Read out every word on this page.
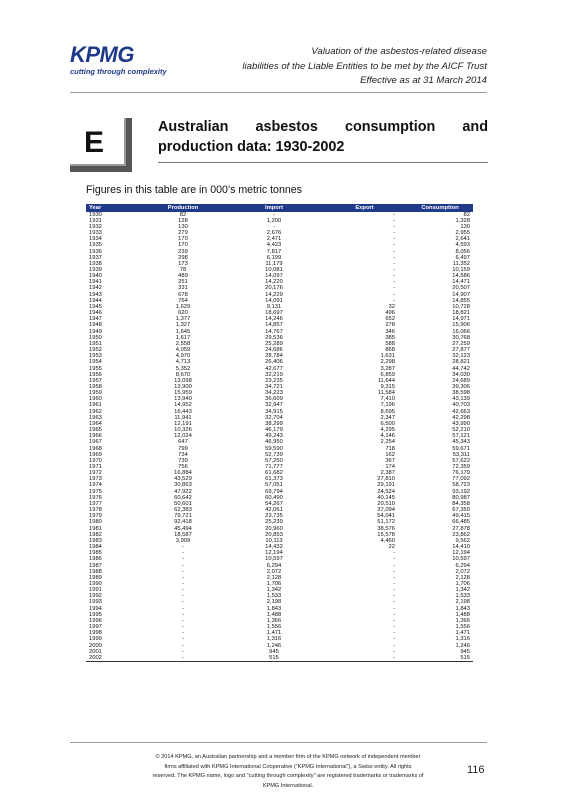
KPMG
cutting through complexity
Valuation of the asbestos-related disease
liabilities of the Liable Entities to be met by the AICF Trust
Effective as at 31 March 2014
E	Australian asbestos consumption and production data: 1930-2002
Figures in this table are in 000’s metric tonnes
Year	Production	Import	Export	Consumption
1930	82	-	-	82
1931	128	1,200	-	1,328
1932	130	-	-	130
1933	279	2,676	-	2,955
1934	170	2,471	-	2,641
1935	170	4,423	-	4,593
1936	239	7,817	-	8,056
1937	298	6,199	-	6,497
1938	173	11,179	-	11,352
1939	78	10,081	-	10,159
1940	489	14,097	-	14,586
1941	251	14,220	-	14,471
1942	331	20,176	-	20,507
1943	678	14,229	-	14,907
1944	764	14,091	-	14,855
1945	1,629	9,131	32	10,728
1946	620	18,697	496	18,821
1947	1,377	14,246	652	14,971
1948	1,327	14,857	278	15,906
1949	1,645	14,767	346	16,066
1950	1,617	29,536	385	30,768
1951	2,558	25,289	588	27,259
1952	4,059	24,686	868	27,877
1953	4,970	28,784	1,631	32,123
1954	4,713	26,406	2,298	28,821
1955	5,352	42,677	3,287	44,742
1956	8,670	32,219	6,859	34,030
1957	13,098	23,235	11,644	24,689
1958	13,900	34,721	9,315	39,306
1959	15,959	34,223	11,584	38,598
1960	13,940	36,609	7,410	43,139
1961	14,952	32,947	7,196	40,703
1962	16,443	34,915	8,695	42,663
1963	11,941	32,704	2,347	42,298
1964	12,191	38,299	6,500	43,990
1965	10,326	46,179	4,295	52,210
1966	12,024	49,243	4,146	57,121
1967	647	46,950	2,254	45,343
1968	799	59,590	718	59,671
1969	734	52,739	162	53,311
1970	739	57,250	367	57,622
1971	756	71,777	174	72,359
1972	16,884	61,682	2,387	76,179
1973	43,529	61,373	27,810	77,092
1974	30,863	57,051	29,191	58,723
1975	47,922	69,794	24,524	93,192
1976	60,642	60,490	40,145	80,987
1977	50,601	54,267	20,510	84,358
1978	62,383	42,061	37,094	67,350
1979	79,721	23,735	54,041	49,415
1980	92,418	25,239	51,172	66,485
1981	45,494	20,960	38,576	27,878
1982	18,587	20,853	15,578	23,862
1983	3,909	10,113	4,460	9,562
1984	-	14,432	22	14,410
1985	-	12,194	-	12,194
1986	-	10,597	-	10,597
1987	-	6,294	-	6,294
1988	-	2,072	-	2,072
1989	-	2,128	-	2,128
1990	-	1,706	-	1,706
1991	-	1,342	-	1,342
1992	-	1,533	-	1,533
1993	-	2,198	-	2,198
1994	-	1,843	-	1,843
1995	-	1,488	-	1,488
1996	-	1,366	-	1,366
1997	-	1,556	-	1,556
1998	-	1,471	-	1,471
1999	-	1,316	-	1,316
2000	-	1,246	-	1,246
2001	-	945	-	945
2002	-	515	-	515
© 2014 KPMG, an Australian partnership and a member firm of the KPMG network of independent member
firms affiliated with KPMG International Cooperative (“KPMG International”), a Swiss entity. All rights
reserved. The KPMG name, logo and "cutting through complexity" are registered trademarks or trademarks of
KPMG International.
116
